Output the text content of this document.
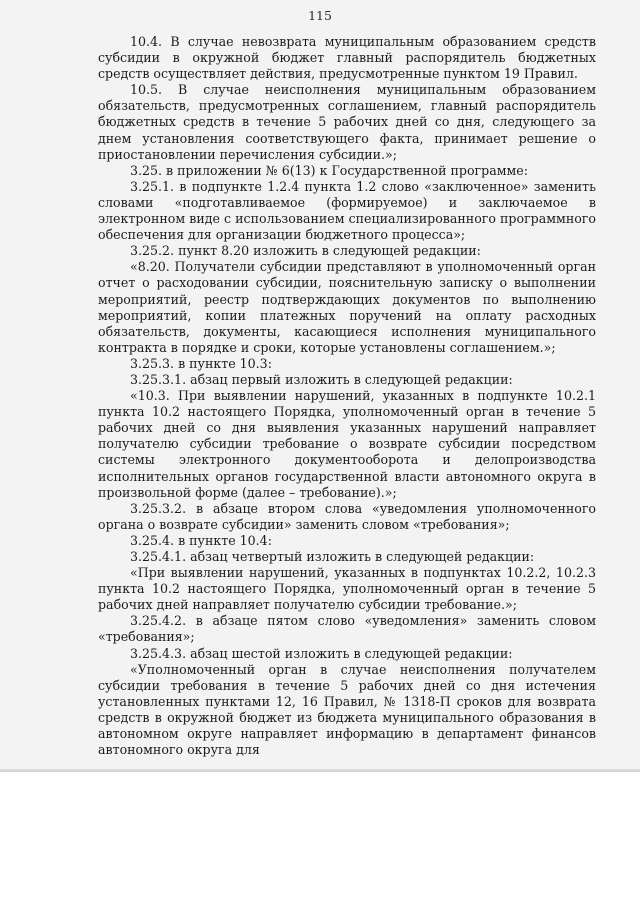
115

10.4. В случае невозврата муниципальным образованием средств субсидии в окружной бюджет главный распорядитель бюджетных средств осуществляет действия, предусмотренные пунктом 19 Правил.

10.5. В случае неисполнения муниципальным образованием обязательств, предусмотренных соглашением, главный распорядитель бюджетных средств в течение 5 рабочих дней со дня, следующего за днем установления соответствующего факта, принимает решение о приостановлении перечисления субсидии.»;

3.25. в приложении № 6(13) к Государственной программе:

3.25.1. в подпункте 1.2.4 пункта 1.2 слово «заключенное» заменить словами «подготавливаемое (формируемое) и заключаемое в электронном виде с использованием специализированного программного обеспечения для организации бюджетного процесса»;

3.25.2. пункт 8.20 изложить в следующей редакции:

«8.20. Получатели субсидии представляют в уполномоченный орган отчет о расходовании субсидии, пояснительную записку о выполнении мероприятий, реестр подтверждающих документов по выполнению мероприятий, копии платежных поручений на оплату расходных обязательств, документы, касающиеся исполнения муниципального контракта в порядке и сроки, которые установлены соглашением.»;

3.25.3. в пункте 10.3:

3.25.3.1. абзац первый изложить в следующей редакции:

«10.3. При выявлении нарушений, указанных в подпункте 10.2.1 пункта 10.2 настоящего Порядка, уполномоченный орган в течение 5 рабочих дней со дня выявления указанных нарушений направляет получателю субсидии требование о возврате субсидии посредством системы электронного документооборота и делопроизводства исполнительных органов государственной власти автономного округа в произвольной форме (далее – требование).»;

3.25.3.2. в абзаце втором слова «уведомления уполномоченного органа о возврате субсидии» заменить словом «требования»;

3.25.4. в пункте 10.4:

3.25.4.1. абзац четвертый изложить в следующей редакции:

«При выявлении нарушений, указанных в подпунктах 10.2.2, 10.2.3 пункта 10.2 настоящего Порядка, уполномоченный орган в течение 5 рабочих дней направляет получателю субсидии требование.»;

3.25.4.2. в абзаце пятом слово «уведомления» заменить словом «требования»;

3.25.4.3. абзац шестой изложить в следующей редакции:

«Уполномоченный орган в случае неисполнения получателем субсидии требования в течение 5 рабочих дней со дня истечения установленных пунктами 12, 16 Правил, № 1318-П сроков для возврата средств в окружной бюджет из бюджета муниципального образования в автономном округе направляет информацию в департамент финансов автономного округа для
